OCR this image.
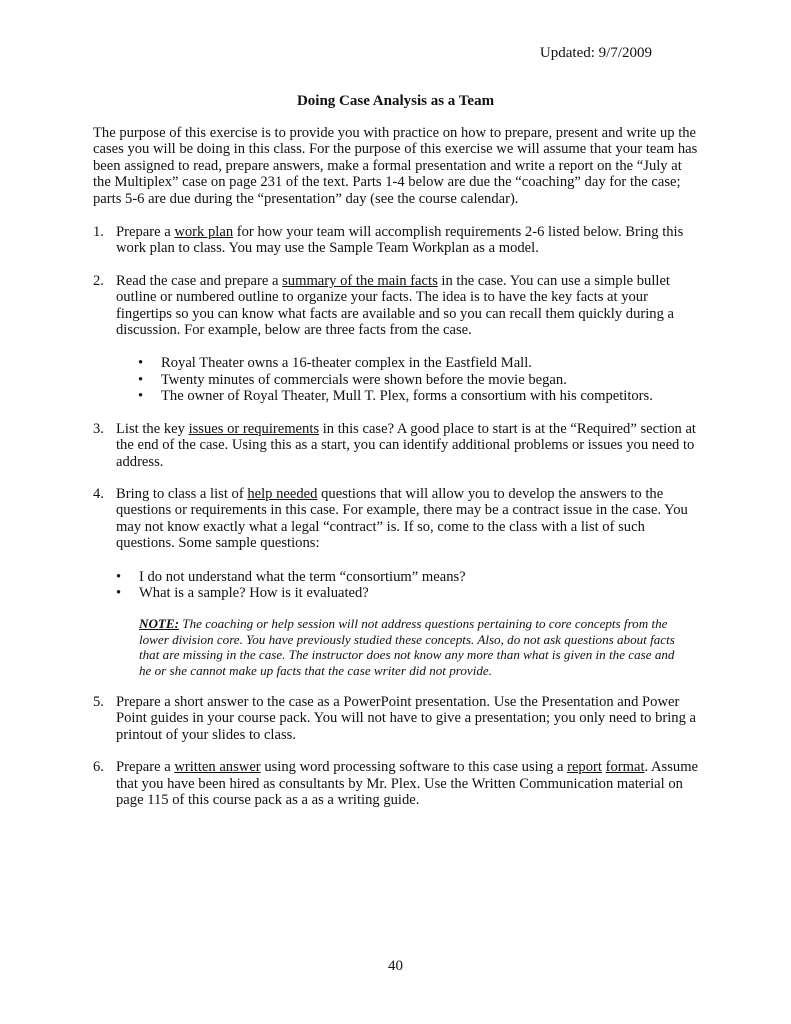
Updated: 9/7/2009
Doing Case Analysis as a Team

The purpose of this exercise is to provide you with practice on how to prepare, present and write up the cases you will be doing in this class. For the purpose of this exercise we will assume that your team has been assigned to read, prepare answers, make a formal presentation and write a report on the “July at the Multiplex” case on page 231 of the text. Parts 1-4 below are due the “coaching” day for the case; parts 5-6 are due during the “presentation” day (see the course calendar).

1. Prepare a work plan for how your team will accomplish requirements 2-6 listed below. Bring this work plan to class. You may use the Sample Team Workplan as a model.
2. Read the case and prepare a summary of the main facts in the case. You can use a simple bullet outline or numbered outline to organize your facts. The idea is to have the key facts at your fingertips so you can know what facts are available and so you can recall them quickly during a discussion. For example, below are three facts from the case.
• Royal Theater owns a 16-theater complex in the Eastfield Mall.
• Twenty minutes of commercials were shown before the movie began.
• The owner of Royal Theater, Mull T. Plex, forms a consortium with his competitors.
3. List the key issues or requirements in this case? A good place to start is at the “Required” section at the end of the case. Using this as a start, you can identify additional problems or issues you need to address.
4. Bring to class a list of help needed questions that will allow you to develop the answers to the questions or requirements in this case. For example, there may be a contract issue in the case. You may not know exactly what a legal “contract” is. If so, come to the class with a list of such questions. Some sample questions:
• I do not understand what the term “consortium” means?
• What is a sample? How is it evaluated?

NOTE: The coaching or help session will not address questions pertaining to core concepts from the lower division core. You have previously studied these concepts. Also, do not ask questions about facts that are missing in the case. The instructor does not know any more than what is given in the case and he or she cannot make up facts that the case writer did not provide.

5. Prepare a short answer to the case as a PowerPoint presentation. Use the Presentation and Power Point guides in your course pack. You will not have to give a presentation; you only need to bring a printout of your slides to class.
6. Prepare a written answer using word processing software to this case using a report format. Assume that you have been hired as consultants by Mr. Plex. Use the Written Communication material on page 115 of this course pack as a as a writing guide.
40
